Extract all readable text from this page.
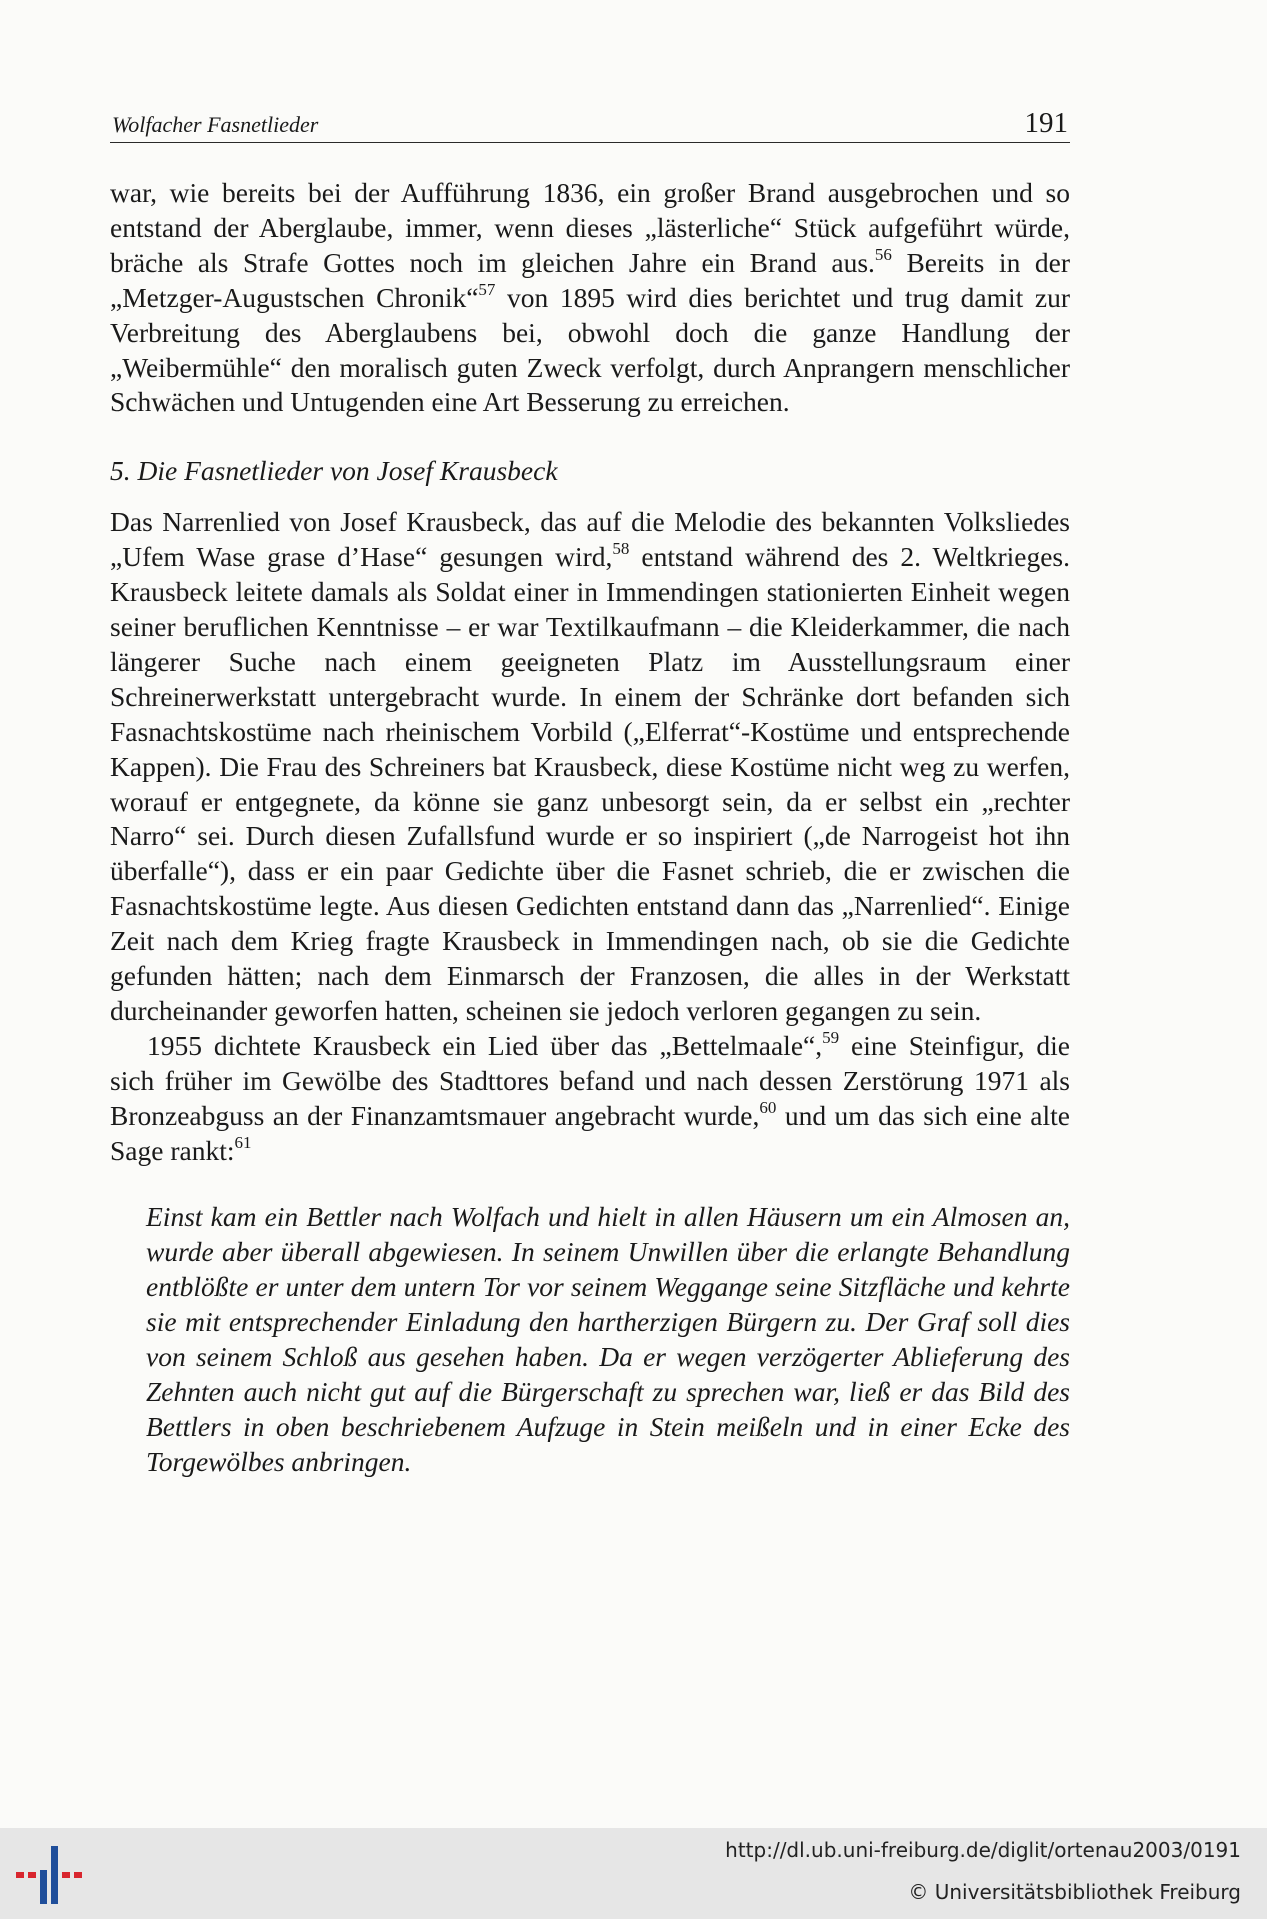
Wolfacher Fasnetlieder	191

war, wie bereits bei der Aufführung 1836, ein großer Brand ausgebrochen und so entstand der Aberglaube, immer, wenn dieses „lästerliche“ Stück aufgeführt würde, bräche als Strafe Gottes noch im gleichen Jahre ein Brand aus.$^{56}$ Bereits in der „Metzger-Augustschen Chronik“$^{57}$ von 1895 wird dies berichtet und trug damit zur Verbreitung des Aberglaubens bei, obwohl doch die ganze Handlung der „Weibermühle“ den moralisch guten Zweck verfolgt, durch Anprangern menschlicher Schwächen und Untugenden eine Art Besserung zu erreichen.

5. Die Fasnetlieder von Josef Krausbeck

Das Narrenlied von Josef Krausbeck, das auf die Melodie des bekannten Volksliedes „Ufem Wase grase d’Hase“ gesungen wird,$^{58}$ entstand während des 2. Weltkrieges. Krausbeck leitete damals als Soldat einer in Immendingen stationierten Einheit wegen seiner beruflichen Kenntnisse – er war Textilkaufmann – die Kleiderkammer, die nach längerer Suche nach einem geeigneten Platz im Ausstellungsraum einer Schreinerwerkstatt untergebracht wurde. In einem der Schränke dort befanden sich Fasnachtskostüme nach rheinischem Vorbild („Elferrat“-Kostüme und entsprechende Kappen). Die Frau des Schreiners bat Krausbeck, diese Kostüme nicht weg zu werfen, worauf er entgegnete, da könne sie ganz unbesorgt sein, da er selbst ein „rechter Narro“ sei. Durch diesen Zufallsfund wurde er so inspiriert („de Narrogeist hot ihn überfalle“), dass er ein paar Gedichte über die Fasnet schrieb, die er zwischen die Fasnachtskostüme legte. Aus diesen Gedichten entstand dann das „Narrenlied“. Einige Zeit nach dem Krieg fragte Krausbeck in Immendingen nach, ob sie die Gedichte gefunden hätten; nach dem Einmarsch der Franzosen, die alles in der Werkstatt durcheinander geworfen hatten, scheinen sie jedoch verloren gegangen zu sein.

1955 dichtete Krausbeck ein Lied über das „Bettelmaale“,$^{59}$ eine Steinfigur, die sich früher im Gewölbe des Stadttores befand und nach dessen Zerstörung 1971 als Bronzeabguss an der Finanzamtsmauer angebracht wurde,$^{60}$ und um das sich eine alte Sage rankt:$^{61}$

Einst kam ein Bettler nach Wolfach und hielt in allen Häusern um ein Almosen an, wurde aber überall abgewiesen. In seinem Unwillen über die erlangte Behandlung entblößte er unter dem untern Tor vor seinem Weggange seine Sitzfläche und kehrte sie mit entsprechender Einladung den hartherzigen Bürgern zu. Der Graf soll dies von seinem Schloß aus gesehen haben. Da er wegen verzögerter Ablieferung des Zehnten auch nicht gut auf die Bürgerschaft zu sprechen war, ließ er das Bild des Bettlers in oben beschriebenem Aufzuge in Stein meißeln und in einer Ecke des Torgewölbes anbringen.

http://dl.ub.uni-freiburg.de/diglit/ortenau2003/0191
© Universitätsbibliothek Freiburg
